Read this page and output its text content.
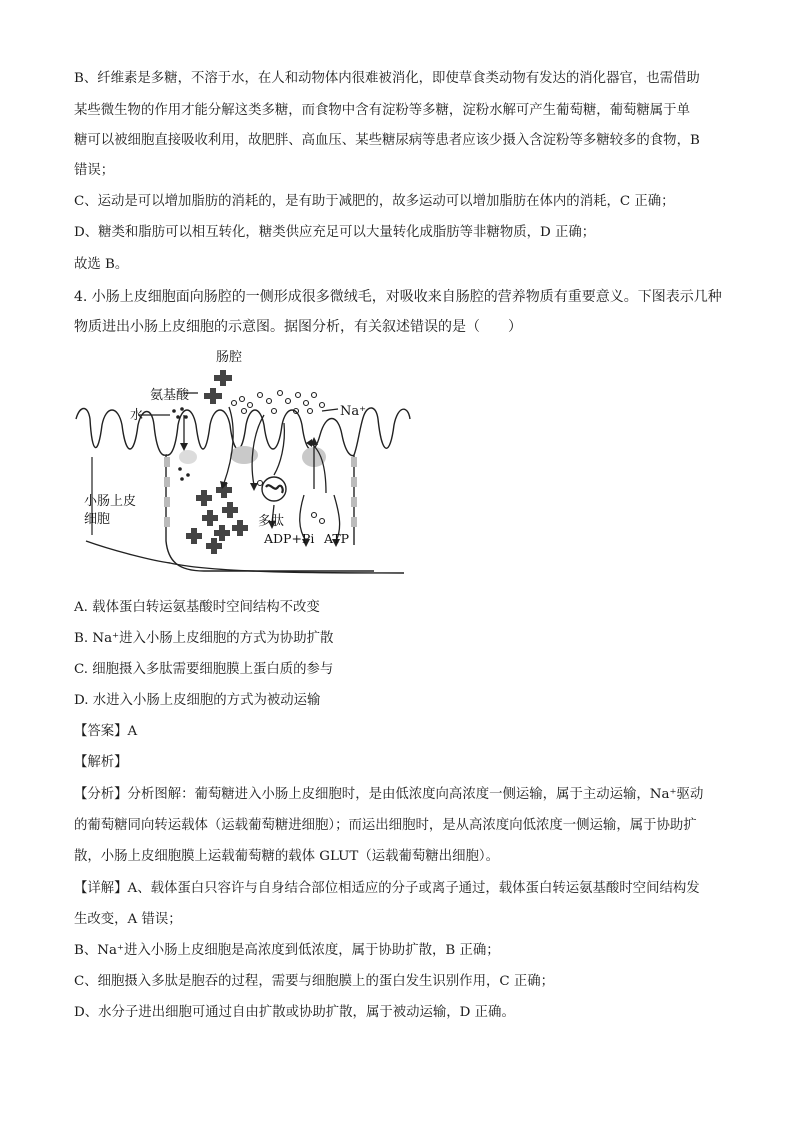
B、纤维素是多糖，不溶于水，在人和动物体内很难被消化，即使草食类动物有发达的消化器官，也需借助
某些微生物的作用才能分解这类多糖，而食物中含有淀粉等多糖，淀粉水解可产生葡萄糖，葡萄糖属于单
糖可以被细胞直接吸收利用，故肥胖、高血压、某些糖尿病等患者应该少摄入含淀粉等多糖较多的食物，B
错误；
C、运动是可以增加脂肪的消耗的，是有助于减肥的，故多运动可以增加脂肪在体内的消耗，C 正确；
D、糖类和脂肪可以相互转化，糖类供应充足可以大量转化成脂肪等非糖物质，D 正确；
故选 B。
4. 小肠上皮细胞面向肠腔的一侧形成很多微绒毛，对吸收来自肠腔的营养物质有重要意义。下图表示几种
物质进出小肠上皮细胞的示意图。据图分析，有关叙述错误的是（　　）
肠腔
氨基酸
水	Na⁺
小肠上皮
细胞	多肽
ADP+Pi ATP
A. 载体蛋白转运氨基酸时空间结构不改变
B. Na⁺进入小肠上皮细胞的方式为协助扩散
C. 细胞摄入多肽需要细胞膜上蛋白质的参与
D. 水进入小肠上皮细胞的方式为被动运输
【答案】A
【解析】
【分析】分析图解：葡萄糖进入小肠上皮细胞时，是由低浓度向高浓度一侧运输，属于主动运输，Na⁺驱动
的葡萄糖同向转运载体（运载葡萄糖进细胞）；而运出细胞时，是从高浓度向低浓度一侧运输，属于协助扩
散，小肠上皮细胞膜上运载葡萄糖的载体 GLUT（运载葡萄糖出细胞）。
【详解】A、载体蛋白只容许与自身结合部位相适应的分子或离子通过，载体蛋白转运氨基酸时空间结构发
生改变，A 错误；
B、Na⁺进入小肠上皮细胞是高浓度到低浓度，属于协助扩散，B 正确；
C、细胞摄入多肽是胞吞的过程，需要与细胞膜上的蛋白发生识别作用，C 正确；
D、水分子进出细胞可通过自由扩散或协助扩散，属于被动运输，D 正确。
